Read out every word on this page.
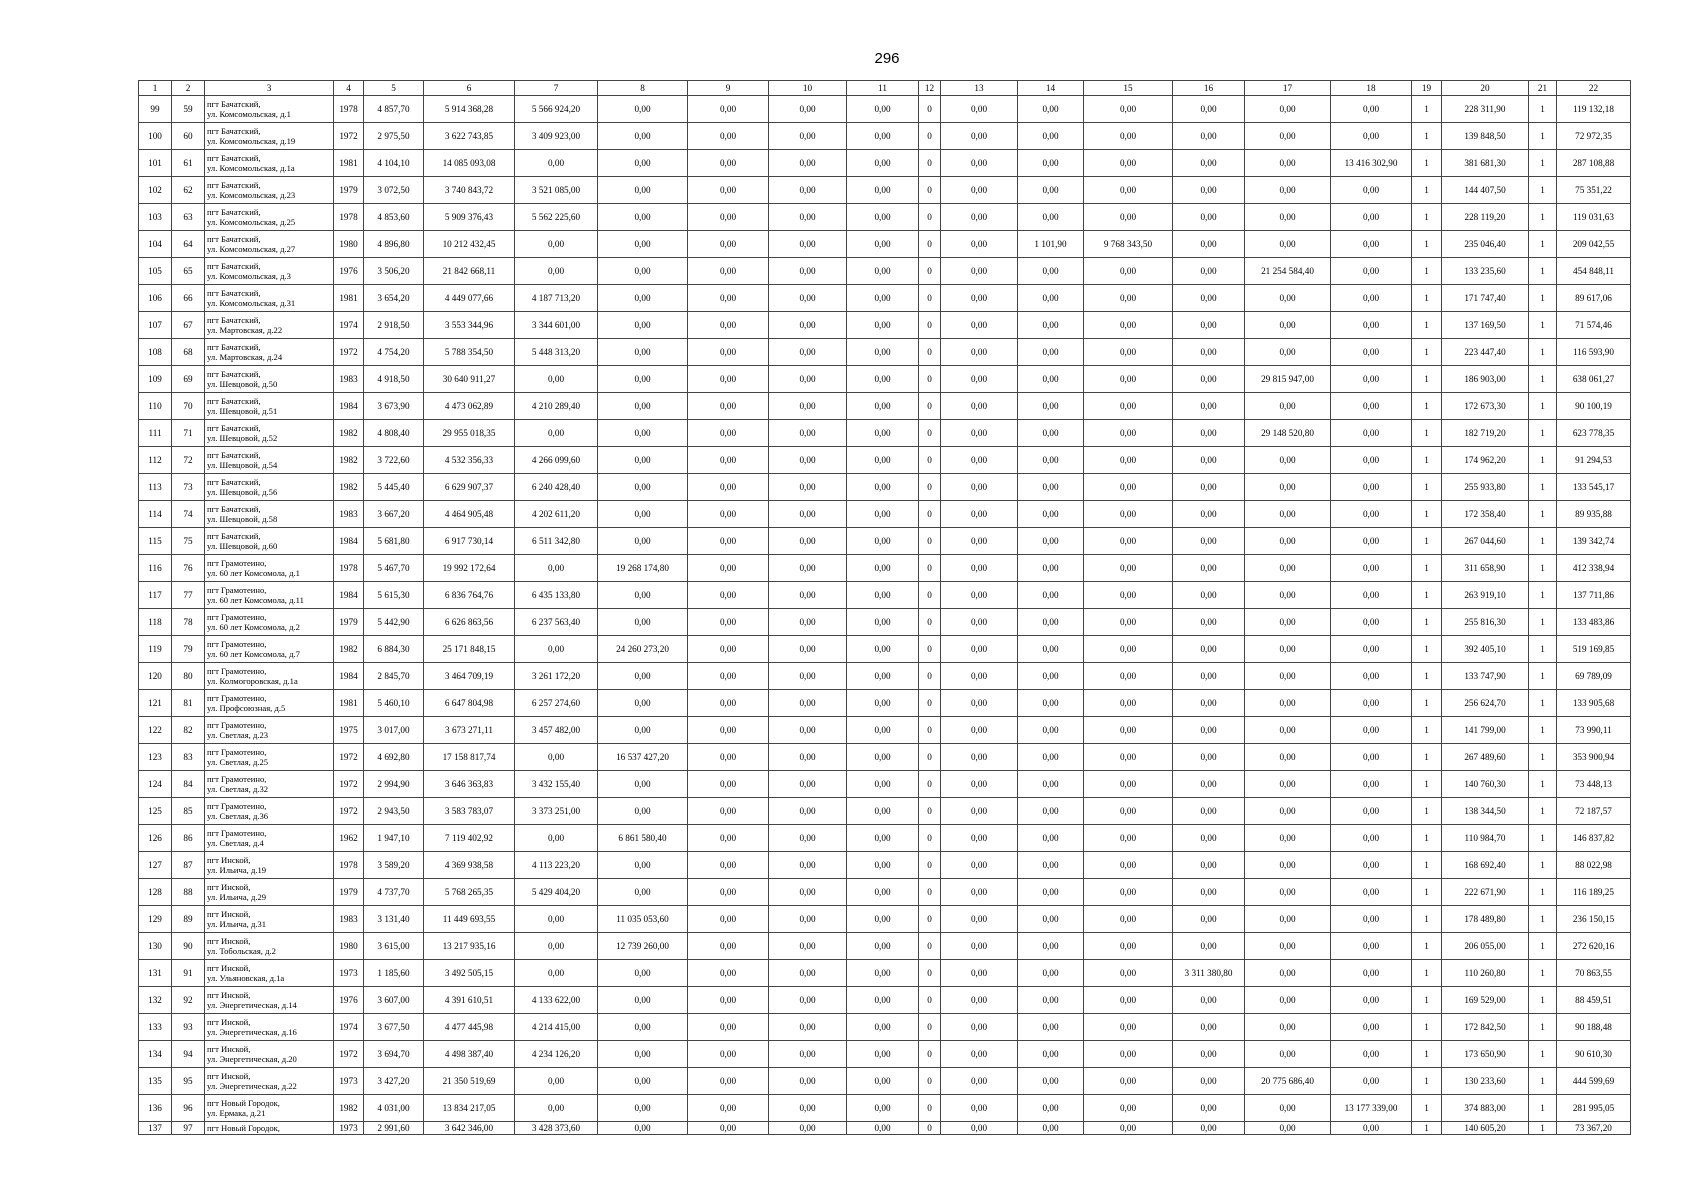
296
1	2	3	4	5	6	7	8	9	10	11	12	13	14	15	16	17	18	19	20	21	22
99	59	пгт Бачатский,
ул. Комсомольская, д.1	1978	4 857,70	5 914 368,28	5 566 924,20	0,00	0,00	0,00	0,00	0	0,00	0,00	0,00	0,00	0,00	0,00	1	228 311,90	1	119 132,18
100	60	пгт Бачатский,
ул. Комсомольская, д.19	1972	2 975,50	3 622 743,85	3 409 923,00	0,00	0,00	0,00	0,00	0	0,00	0,00	0,00	0,00	0,00	0,00	1	139 848,50	1	72 972,35
101	61	пгт Бачатский,
ул. Комсомольская, д.1а	1981	4 104,10	14 085 093,08	0,00	0,00	0,00	0,00	0,00	0	0,00	0,00	0,00	0,00	0,00	13 416 302,90	1	381 681,30	1	287 108,88
102	62	пгт Бачатский,
ул. Комсомольская, д.23	1979	3 072,50	3 740 843,72	3 521 085,00	0,00	0,00	0,00	0,00	0	0,00	0,00	0,00	0,00	0,00	0,00	1	144 407,50	1	75 351,22
103	63	пгт Бачатский,
ул. Комсомольская, д.25	1978	4 853,60	5 909 376,43	5 562 225,60	0,00	0,00	0,00	0,00	0	0,00	0,00	0,00	0,00	0,00	0,00	1	228 119,20	1	119 031,63
104	64	пгт Бачатский,
ул. Комсомольская, д.27	1980	4 896,80	10 212 432,45	0,00	0,00	0,00	0,00	0,00	0	0,00	1 101,90	9 768 343,50	0,00	0,00	0,00	1	235 046,40	1	209 042,55
105	65	пгт Бачатский,
ул. Комсомольская, д.3	1976	3 506,20	21 842 668,11	0,00	0,00	0,00	0,00	0,00	0	0,00	0,00	0,00	0,00	21 254 584,40	0,00	1	133 235,60	1	454 848,11
106	66	пгт Бачатский,
ул. Комсомольская, д.31	1981	3 654,20	4 449 077,66	4 187 713,20	0,00	0,00	0,00	0,00	0	0,00	0,00	0,00	0,00	0,00	0,00	1	171 747,40	1	89 617,06
107	67	пгт Бачатский,
ул. Мартовская, д.22	1974	2 918,50	3 553 344,96	3 344 601,00	0,00	0,00	0,00	0,00	0	0,00	0,00	0,00	0,00	0,00	0,00	1	137 169,50	1	71 574,46
108	68	пгт Бачатский,
ул. Мартовская, д.24	1972	4 754,20	5 788 354,50	5 448 313,20	0,00	0,00	0,00	0,00	0	0,00	0,00	0,00	0,00	0,00	0,00	1	223 447,40	1	116 593,90
109	69	пгт Бачатский,
ул. Шевцовой, д.50	1983	4 918,50	30 640 911,27	0,00	0,00	0,00	0,00	0,00	0	0,00	0,00	0,00	0,00	29 815 947,00	0,00	1	186 903,00	1	638 061,27
110	70	пгт Бачатский,
ул. Шевцовой, д.51	1984	3 673,90	4 473 062,89	4 210 289,40	0,00	0,00	0,00	0,00	0	0,00	0,00	0,00	0,00	0,00	0,00	1	172 673,30	1	90 100,19
111	71	пгт Бачатский,
ул. Шевцовой, д.52	1982	4 808,40	29 955 018,35	0,00	0,00	0,00	0,00	0,00	0	0,00	0,00	0,00	0,00	29 148 520,80	0,00	1	182 719,20	1	623 778,35
112	72	пгт Бачатский,
ул. Шевцовой, д.54	1982	3 722,60	4 532 356,33	4 266 099,60	0,00	0,00	0,00	0,00	0	0,00	0,00	0,00	0,00	0,00	0,00	1	174 962,20	1	91 294,53
113	73	пгт Бачатский,
ул. Шевцовой, д.56	1982	5 445,40	6 629 907,37	6 240 428,40	0,00	0,00	0,00	0,00	0	0,00	0,00	0,00	0,00	0,00	0,00	1	255 933,80	1	133 545,17
114	74	пгт Бачатский,
ул. Шевцовой, д.58	1983	3 667,20	4 464 905,48	4 202 611,20	0,00	0,00	0,00	0,00	0	0,00	0,00	0,00	0,00	0,00	0,00	1	172 358,40	1	89 935,88
115	75	пгт Бачатский,
ул. Шевцовой, д.60	1984	5 681,80	6 917 730,14	6 511 342,80	0,00	0,00	0,00	0,00	0	0,00	0,00	0,00	0,00	0,00	0,00	1	267 044,60	1	139 342,74
116	76	пгт Грамотеино,
ул. 60 лет Комсомола, д.1	1978	5 467,70	19 992 172,64	0,00	19 268 174,80	0,00	0,00	0,00	0	0,00	0,00	0,00	0,00	0,00	0,00	1	311 658,90	1	412 338,94
117	77	пгт Грамотеино,
ул. 60 лет Комсомола, д.11	1984	5 615,30	6 836 764,76	6 435 133,80	0,00	0,00	0,00	0,00	0	0,00	0,00	0,00	0,00	0,00	0,00	1	263 919,10	1	137 711,86
118	78	пгт Грамотеино,
ул. 60 лет Комсомола, д.2	1979	5 442,90	6 626 863,56	6 237 563,40	0,00	0,00	0,00	0,00	0	0,00	0,00	0,00	0,00	0,00	0,00	1	255 816,30	1	133 483,86
119	79	пгт Грамотеино,
ул. 60 лет Комсомола, д.7	1982	6 884,30	25 171 848,15	0,00	24 260 273,20	0,00	0,00	0,00	0	0,00	0,00	0,00	0,00	0,00	0,00	1	392 405,10	1	519 169,85
120	80	пгт Грамотеино,
ул. Колмогоровская, д.1а	1984	2 845,70	3 464 709,19	3 261 172,20	0,00	0,00	0,00	0,00	0	0,00	0,00	0,00	0,00	0,00	0,00	1	133 747,90	1	69 789,09
121	81	пгт Грамотеино,
ул. Профсоюзная, д.5	1981	5 460,10	6 647 804,98	6 257 274,60	0,00	0,00	0,00	0,00	0	0,00	0,00	0,00	0,00	0,00	0,00	1	256 624,70	1	133 905,68
122	82	пгт Грамотеино,
ул. Светлая, д.23	1975	3 017,00	3 673 271,11	3 457 482,00	0,00	0,00	0,00	0,00	0	0,00	0,00	0,00	0,00	0,00	0,00	1	141 799,00	1	73 990,11
123	83	пгт Грамотеино,
ул. Светлая, д.25	1972	4 692,80	17 158 817,74	0,00	16 537 427,20	0,00	0,00	0,00	0	0,00	0,00	0,00	0,00	0,00	0,00	1	267 489,60	1	353 900,94
124	84	пгт Грамотеино,
ул. Светлая, д.32	1972	2 994,90	3 646 363,83	3 432 155,40	0,00	0,00	0,00	0,00	0	0,00	0,00	0,00	0,00	0,00	0,00	1	140 760,30	1	73 448,13
125	85	пгт Грамотеино,
ул. Светлая, д.36	1972	2 943,50	3 583 783,07	3 373 251,00	0,00	0,00	0,00	0,00	0	0,00	0,00	0,00	0,00	0,00	0,00	1	138 344,50	1	72 187,57
126	86	пгт Грамотеино,
ул. Светлая, д.4	1962	1 947,10	7 119 402,92	0,00	6 861 580,40	0,00	0,00	0,00	0	0,00	0,00	0,00	0,00	0,00	0,00	1	110 984,70	1	146 837,82
127	87	пгт Инской,
ул. Ильича, д.19	1978	3 589,20	4 369 938,58	4 113 223,20	0,00	0,00	0,00	0,00	0	0,00	0,00	0,00	0,00	0,00	0,00	1	168 692,40	1	88 022,98
128	88	пгт Инской,
ул. Ильича, д.29	1979	4 737,70	5 768 265,35	5 429 404,20	0,00	0,00	0,00	0,00	0	0,00	0,00	0,00	0,00	0,00	0,00	1	222 671,90	1	116 189,25
129	89	пгт Инской,
ул. Ильича, д.31	1983	3 131,40	11 449 693,55	0,00	11 035 053,60	0,00	0,00	0,00	0	0,00	0,00	0,00	0,00	0,00	0,00	1	178 489,80	1	236 150,15
130	90	пгт Инской,
ул. Тобольская, д.2	1980	3 615,00	13 217 935,16	0,00	12 739 260,00	0,00	0,00	0,00	0	0,00	0,00	0,00	0,00	0,00	0,00	1	206 055,00	1	272 620,16
131	91	пгт Инской,
ул. Ульяновская, д.1а	1973	1 185,60	3 492 505,15	0,00	0,00	0,00	0,00	0,00	0	0,00	0,00	0,00	3 311 380,80	0,00	0,00	1	110 260,80	1	70 863,55
132	92	пгт Инской,
ул. Энергетическая, д.14	1976	3 607,00	4 391 610,51	4 133 622,00	0,00	0,00	0,00	0,00	0	0,00	0,00	0,00	0,00	0,00	0,00	1	169 529,00	1	88 459,51
133	93	пгт Инской,
ул. Энергетическая, д.16	1974	3 677,50	4 477 445,98	4 214 415,00	0,00	0,00	0,00	0,00	0	0,00	0,00	0,00	0,00	0,00	0,00	1	172 842,50	1	90 188,48
134	94	пгт Инской,
ул. Энергетическая, д.20	1972	3 694,70	4 498 387,40	4 234 126,20	0,00	0,00	0,00	0,00	0	0,00	0,00	0,00	0,00	0,00	0,00	1	173 650,90	1	90 610,30
135	95	пгт Инской,
ул. Энергетическая, д.22	1973	3 427,20	21 350 519,69	0,00	0,00	0,00	0,00	0,00	0	0,00	0,00	0,00	0,00	20 775 686,40	0,00	1	130 233,60	1	444 599,69
136	96	пгт Новый Городок,
ул. Ермака, д.21	1982	4 031,00	13 834 217,05	0,00	0,00	0,00	0,00	0,00	0	0,00	0,00	0,00	0,00	0,00	13 177 339,00	1	374 883,00	1	281 995,05
137	97	пгт Новый Городок,	1973	2 991,60	3 642 346,00	3 428 373,60	0,00	0,00	0,00	0,00	0	0,00	0,00	0,00	0,00	0,00	0,00	1	140 605,20	1	73 367,20
